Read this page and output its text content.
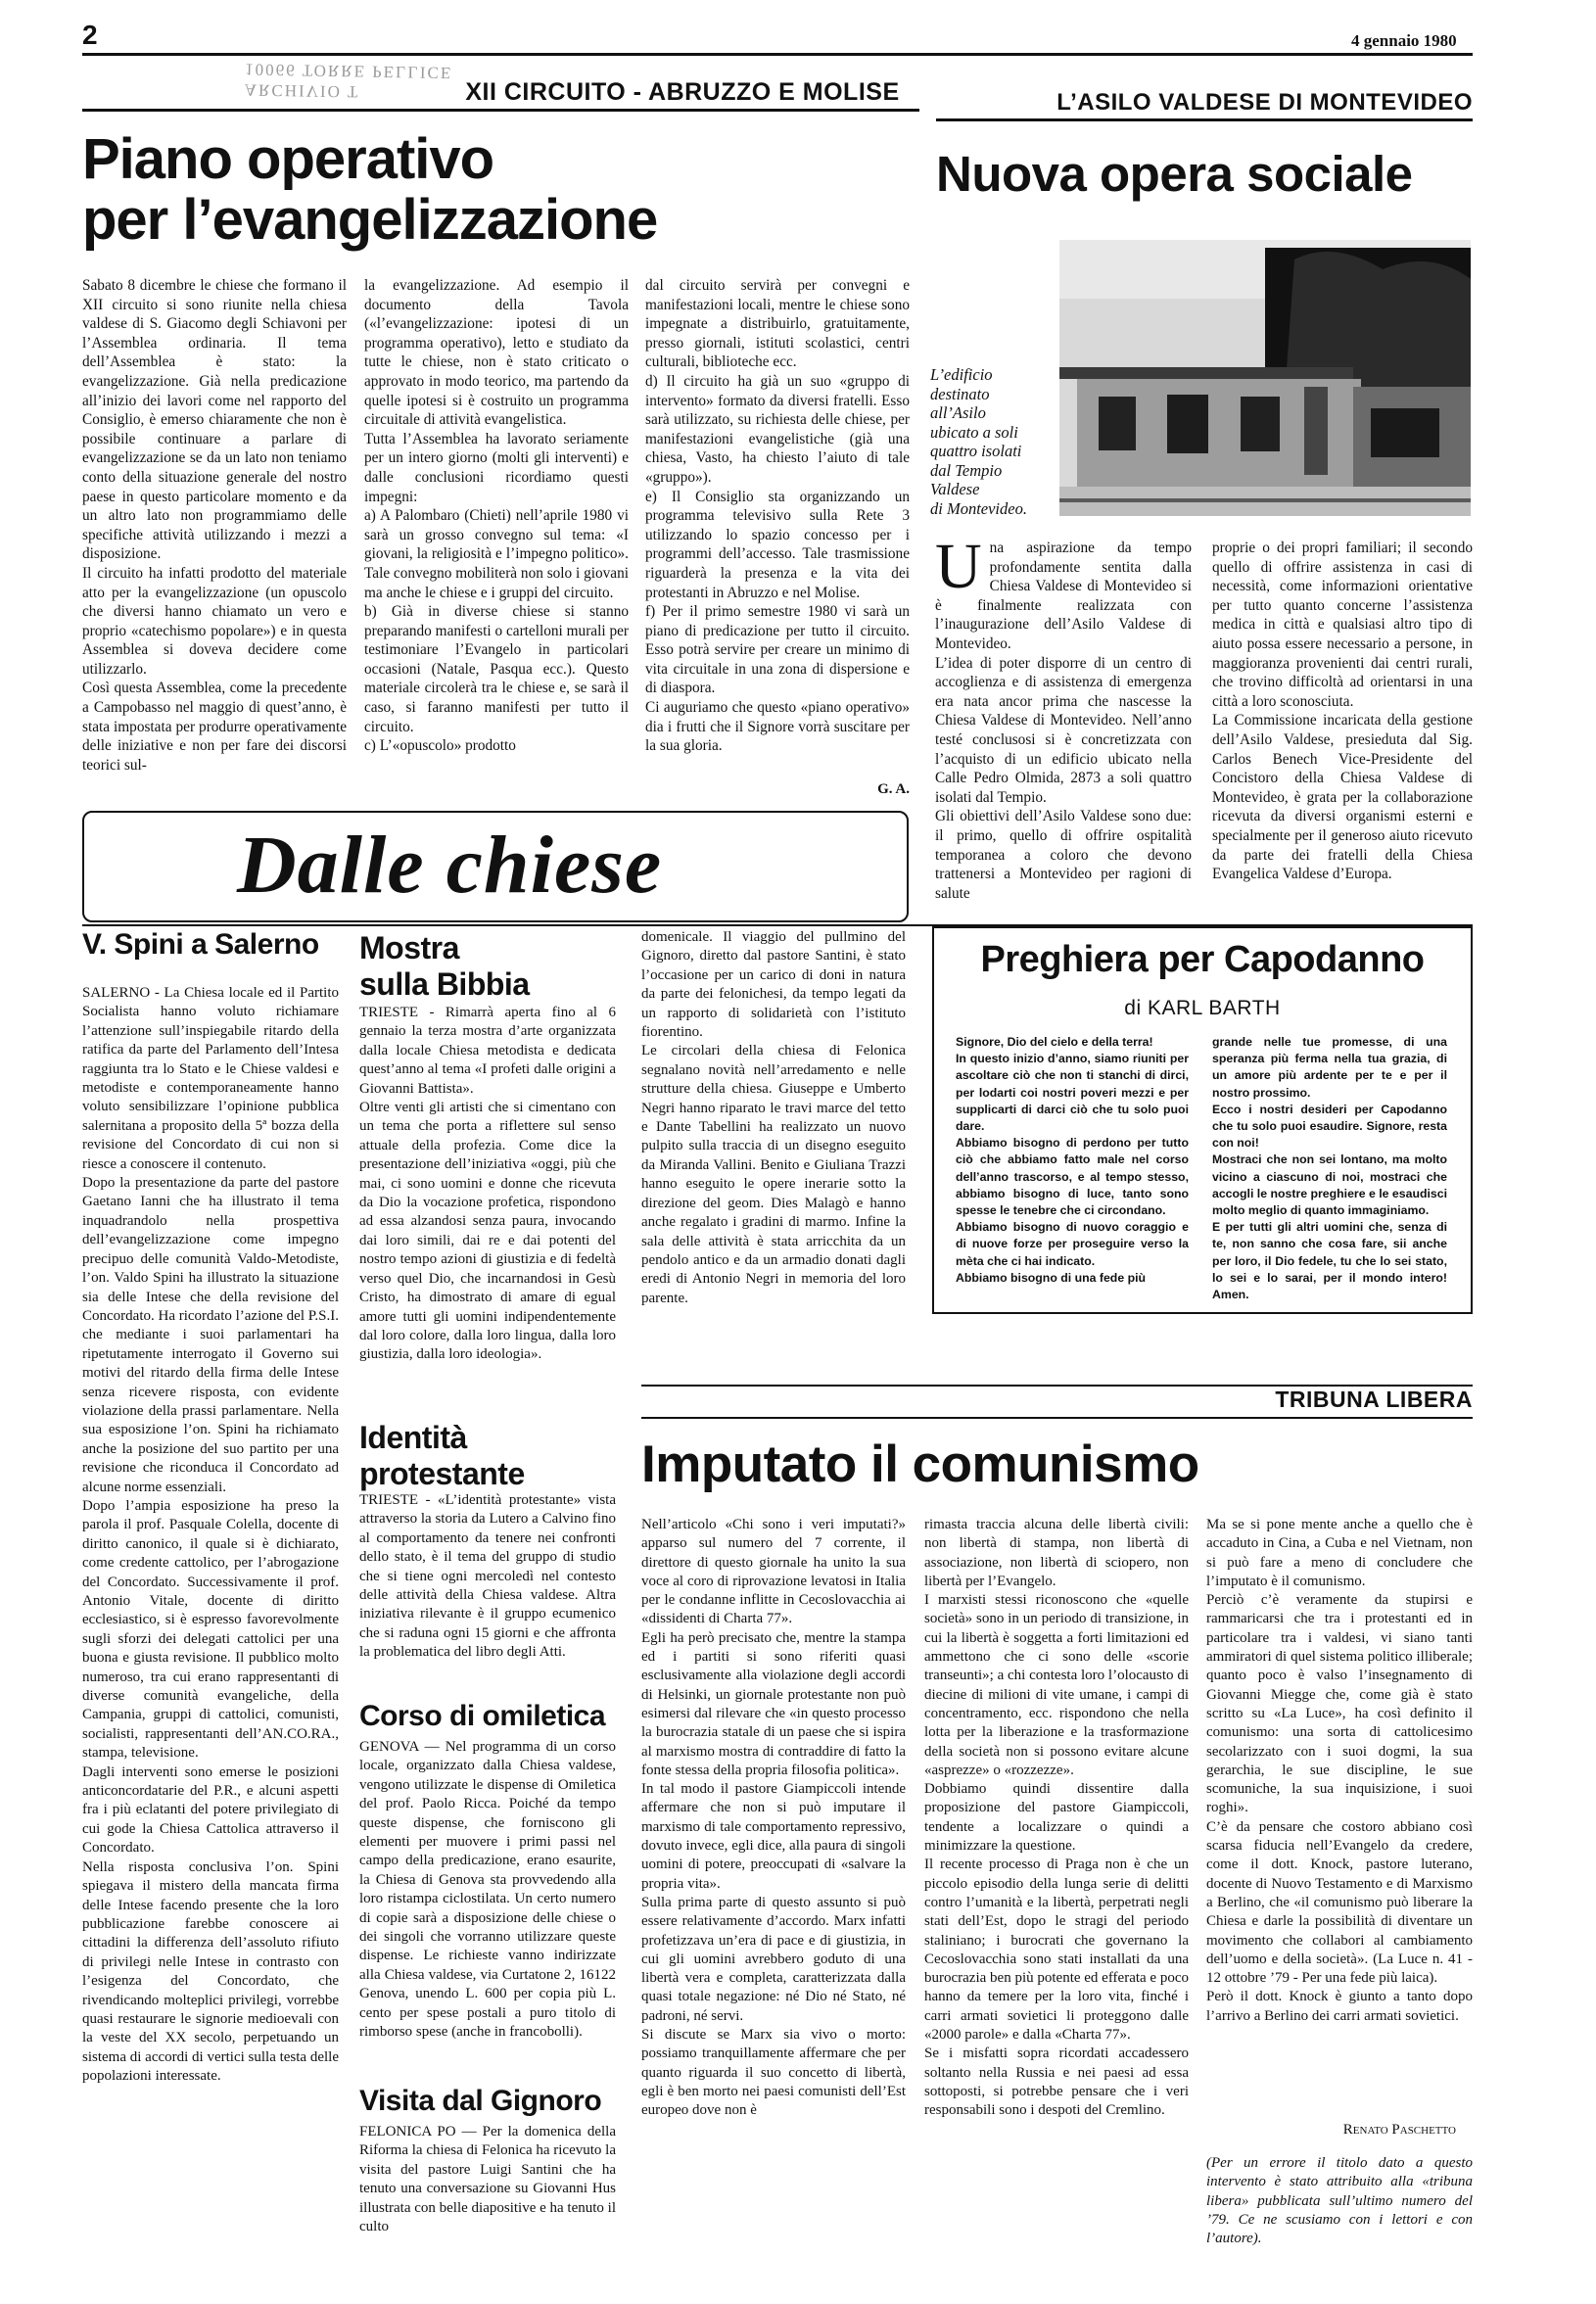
2	4 gennaio 1980
ARCHIVIO T
10066 TORRE PELLICE
XII CIRCUITO - ABRUZZO E MOLISE
Piano operativo
per l’evangelizzazione

Sabato 8 dicembre le chiese che formano il XII circuito si sono riunite nella chiesa valdese di S. Giacomo degli Schiavoni per l’Assemblea ordinaria. Il tema dell’Assemblea è stato: la evangelizzazione. Già nella predicazione all’inizio dei lavori come nel rapporto del Consiglio, è emerso chiaramente che non è possibile continuare a parlare di evangelizzazione se da un lato non teniamo conto della situazione generale del nostro paese in questo particolare momento e da un altro lato non programmiamo delle specifiche attività utilizzando i mezzi a disposizione.
Il circuito ha infatti prodotto del materiale atto per la evangelizzazione (un opuscolo che diversi hanno chiamato un vero e proprio «catechismo popolare») e in questa Assemblea si doveva decidere come utilizzarlo.
Così questa Assemblea, come la precedente a Campobasso nel maggio di quest’anno, è stata impostata per produrre operativamente delle iniziative e non per fare dei discorsi teorici sul-

la evangelizzazione. Ad esempio il documento della Tavola («l’evangelizzazione: ipotesi di un programma operativo), letto e studiato da tutte le chiese, non è stato criticato o approvato in modo teorico, ma partendo da quelle ipotesi si è costruito un programma circuitale di attività evangelistica.
Tutta l’Assemblea ha lavorato seriamente per un intero giorno (molti gli interventi) e dalle conclusioni ricordiamo questi impegni:
a) A Palombaro (Chieti) nell’aprile 1980 vi sarà un grosso convegno sul tema: «I giovani, la religiosità e l’impegno politico». Tale convegno mobiliterà non solo i giovani ma anche le chiese e i gruppi del circuito.
b) Già in diverse chiese si stanno preparando manifesti o cartelloni murali per testimoniare l’Evangelo in particolari occasioni (Natale, Pasqua ecc.). Questo materiale circolerà tra le chiese e, se sarà il caso, si faranno manifesti per tutto il circuito.
c) L’«opuscolo» prodotto

dal circuito servirà per convegni e manifestazioni locali, mentre le chiese sono impegnate a distribuirlo, gratuitamente, presso giornali, istituti scolastici, centri culturali, biblioteche ecc.
d) Il circuito ha già un suo «gruppo di intervento» formato da diversi fratelli. Esso sarà utilizzato, su richiesta delle chiese, per manifestazioni evangelistiche (già una chiesa, Vasto, ha chiesto l’aiuto di tale «gruppo»).
e) Il Consiglio sta organizzando un programma televisivo sulla Rete 3 utilizzando lo spazio concesso per i programmi dell’accesso. Tale trasmissione riguarderà la presenza e la vita dei protestanti in Abruzzo e nel Molise.
f) Per il primo semestre 1980 vi sarà un piano di predicazione per tutto il circuito. Esso potrà servire per creare un minimo di vita circuitale in una zona di dispersione e di diaspora.
Ci auguriamo che questo «piano operativo» dia i frutti che il Signore vorrà suscitare per la sua gloria.

G. A.
L’ASILO VALDESE DI MONTEVIDEO
Nuova opera sociale
L’edificio
destinato
all’Asilo
ubicato a soli
quattro isolati
dal Tempio
Valdese
di Montevideo.
U na aspirazione da tempo profondamente sentita dalla Chiesa Valdese di Montevideo si è finalmente realizzata con l’inaugurazione dell’Asilo Valdese di Montevideo.
L’idea di poter disporre di un centro di accoglienza e di assistenza di emergenza era nata ancor prima che nascesse la Chiesa Valdese di Montevideo. Nell’anno testé conclusosi si è concretizzata con l’acquisto di un edificio ubicato nella Calle Pedro Olmida, 2873 a soli quattro isolati dal Tempio.
Gli obiettivi dell’Asilo Valdese sono due: il primo, quello di offrire ospitalità temporanea a coloro che devono trattenersi a Montevideo per ragioni di salute

proprie o dei propri familiari; il secondo quello di offrire assistenza in casi di necessità, come informazioni orientative per tutto quanto concerne l’assistenza medica in città e qualsiasi altro tipo di aiuto possa essere necessario a persone, in maggioranza provenienti dai centri rurali, che trovino difficoltà ad orientarsi in una città a loro sconosciuta.
La Commissione incaricata della gestione dell’Asilo Valdese, presieduta dal Sig. Carlos Benech Vice-Presidente del Concistoro della Chiesa Valdese di Montevideo, è grata per la collaborazione ricevuta da diversi organismi esterni e specialmente per il generoso aiuto ricevuto da parte dei fratelli della Chiesa Evangelica Valdese d’Europa.

Dalle chiese
V. Spini a Salerno

SALERNO - La Chiesa locale ed il Partito Socialista hanno voluto richiamare l’attenzione sull’inspiegabile ritardo della ratifica da parte del Parlamento dell’Intesa raggiunta tra lo Stato e le Chiese valdesi e metodiste e contemporaneamente hanno voluto sensibilizzare l’opinione pubblica salernitana a proposito della 5ª bozza della revisione del Concordato di cui non si riesce a conoscere il contenuto.
Dopo la presentazione da parte del pastore Gaetano Ianni che ha illustrato il tema inquadrandolo nella prospettiva dell’evangelizzazione come impegno precipuo delle comunità Valdo-Metodiste, l’on. Valdo Spini ha illustrato la situazione sia delle Intese che della revisione del Concordato. Ha ricordato l’azione del P.S.I. che mediante i suoi parlamentari ha ripetutamente interrogato il Governo sui motivi del ritardo della firma delle Intese senza ricevere risposta, con evidente violazione della prassi parlamentare. Nella sua esposizione l’on. Spini ha richiamato anche la posizione del suo partito per una revisione che riconduca il Concordato ad alcune norme essenziali.
Dopo l’ampia esposizione ha preso la parola il prof. Pasquale Colella, docente di diritto canonico, il quale si è dichiarato, come credente cattolico, per l’abrogazione del Concordato. Successivamente il prof. Antonio Vitale, docente di diritto ecclesiastico, si è espresso favorevolmente sugli sforzi dei delegati cattolici per una buona e giusta revisione. Il pubblico molto numeroso, tra cui erano rappresentanti di diverse comunità evangeliche, della Campania, gruppi di cattolici, comunisti, socialisti, rappresentanti dell’AN.CO.RA., stampa, televisione.
Dagli interventi sono emerse le posizioni anticoncordatarie del P.R., e alcuni aspetti fra i più eclatanti del potere privilegiato di cui gode la Chiesa Cattolica attraverso il Concordato.
Nella risposta conclusiva l’on. Spini spiegava il mistero della mancata firma delle Intese facendo presente che la loro pubblicazione farebbe conoscere ai cittadini la differenza dell’assoluto rifiuto di privilegi nelle Intese in contrasto con l’esigenza del Concordato, che rivendicando molteplici privilegi, vorrebbe quasi restaurare le signorie medioevali con la veste del XX secolo, perpetuando un sistema di accordi di vertici sulla testa delle popolazioni interessate.

Mostra
sulla Bibbia

TRIESTE - Rimarrà aperta fino al 6 gennaio la terza mostra d’arte organizzata dalla locale Chiesa metodista e dedicata quest’anno al tema «I profeti dalle origini a Giovanni Battista».
Oltre venti gli artisti che si cimentano con un tema che porta a riflettere sul senso attuale della profezia. Come dice la presentazione dell’iniziativa «oggi, più che mai, ci sono uomini e donne che ricevuta da Dio la vocazione profetica, rispondono ad essa alzandosi senza paura, invocando dai loro simili, dai re e dai potenti del nostro tempo azioni di giustizia e di fedeltà verso quel Dio, che incarnandosi in Gesù Cristo, ha dimostrato di amare di egual amore tutti gli uomini indipendentemente dal loro colore, dalla loro lingua, dalla loro giustizia, dalla loro ideologia».

Identità
protestante

TRIESTE - «L’identità protestante» vista attraverso la storia da Lutero a Calvino fino al comportamento da tenere nei confronti dello stato, è il tema del gruppo di studio che si tiene ogni mercoledì nel contesto delle attività della Chiesa valdese. Altra iniziativa rilevante è il gruppo ecumenico che si raduna ogni 15 giorni e che affronta la problematica del libro degli Atti.

Corso di omiletica

GENOVA — Nel programma di un corso locale, organizzato dalla Chiesa valdese, vengono utilizzate le dispense di Omiletica del prof. Paolo Ricca. Poiché da tempo queste dispense, che forniscono gli elementi per muovere i primi passi nel campo della predicazione, erano esaurite, la Chiesa di Genova sta provvedendo alla loro ristampa ciclostilata. Un certo numero di copie sarà a disposizione delle chiese o dei singoli che vorranno utilizzare queste dispense. Le richieste vanno indirizzate alla Chiesa valdese, via Curtatone 2, 16122 Genova, unendo L. 600 per copia più L. cento per spese postali a puro titolo di rimborso spese (anche in francobolli).

Visita dal Gignoro

FELONICA PO — Per la domenica della Riforma la chiesa di Felonica ha ricevuto la visita del pastore Luigi Santini che ha tenuto una conversazione su Giovanni Hus illustrata con belle diapositive e ha tenuto il culto

domenicale. Il viaggio del pullmino del Gignoro, diretto dal pastore Santini, è stato l’occasione per un carico di doni in natura da parte dei felonichesi, da tempo legati da un rapporto di solidarietà con l’istituto fiorentino.
Le circolari della chiesa di Felonica segnalano novità nell’arredamento e nelle strutture della chiesa. Giuseppe e Umberto Negri hanno riparato le travi marce del tetto e Dante Tabellini ha realizzato un nuovo pulpito sulla traccia di un disegno eseguito da Miranda Vallini. Benito e Giuliana Trazzi hanno eseguito le opere inerarie sotto la direzione del geom. Dies Malagò e hanno anche regalato i gradini di marmo. Infine la sala delle attività è stata arricchita da un pendolo antico e da un armadio donati dagli eredi di Antonio Negri in memoria del loro parente.

Preghiera per Capodanno
di KARL BARTH

Signore, Dio del cielo e della terra!
In questo inizio d’anno, siamo riuniti per ascoltare ciò che non ti stanchi di dirci, per lodarti coi nostri poveri mezzi e per supplicarti di darci ciò che tu solo puoi dare.
Abbiamo bisogno di perdono per tutto ciò che abbiamo fatto male nel corso dell’anno trascorso, e al tempo stesso, abbiamo bisogno di luce, tanto sono spesse le tenebre che ci circondano.
Abbiamo bisogno di nuovo coraggio e di nuove forze per proseguire verso la mèta che ci hai indicato.
Abbiamo bisogno di una fede più

grande nelle tue promesse, di una speranza più ferma nella tua grazia, di un amore più ardente per te e per il nostro prossimo.
Ecco i nostri desideri per Capodanno che tu solo puoi esaudire. Signore, resta con noi!
Mostraci che non sei lontano, ma molto vicino a ciascuno di noi, mostraci che accogli le nostre preghiere e le esaudisci molto meglio di quanto immaginiamo.
E per tutti gli altri uomini che, senza di te, non sanno che cosa fare, sii anche per loro, il Dio fedele, tu che lo sei stato, lo sei e lo sarai, per il mondo intero! Amen.

TRIBUNA LIBERA
Imputato il comunismo

Nell’articolo «Chi sono i veri imputati?» apparso sul numero del 7 corrente, il direttore di questo giornale ha unito la sua voce al coro di riprovazione levatosi in Italia per le condanne inflitte in Cecoslovacchia ai «dissidenti di Charta 77».
Egli ha però precisato che, mentre la stampa ed i partiti si sono riferiti quasi esclusivamente alla violazione degli accordi di Helsinki, un giornale protestante non può esimersi dal rilevare che «in questo processo la burocrazia statale di un paese che si ispira al marxismo mostra di contraddire di fatto la fonte stessa della propria filosofia politica».
In tal modo il pastore Giampiccoli intende affermare che non si può imputare il marxismo di tale comportamento repressivo, dovuto invece, egli dice, alla paura di singoli uomini di potere, preoccupati di «salvare la propria vita».
Sulla prima parte di questo assunto si può essere relativamente d’accordo. Marx infatti profetizzava un’era di pace e di giustizia, in cui gli uomini avrebbero goduto di una libertà vera e completa, caratterizzata dalla quasi totale negazione: né Dio né Stato, né padroni, né servi.
Si discute se Marx sia vivo o morto: possiamo tranquillamente affermare che per quanto riguarda il suo concetto di libertà, egli è ben morto nei paesi comunisti dell’Est europeo dove non è

rimasta traccia alcuna delle libertà civili: non libertà di stampa, non libertà di associazione, non libertà di sciopero, non libertà per l’Evangelo.
I marxisti stessi riconoscono che «quelle società» sono in un periodo di transizione, in cui la libertà è soggetta a forti limitazioni ed ammettono che ci sono delle «scorie transeunti»; a chi contesta loro l’olocausto di diecine di milioni di vite umane, i campi di concentramento, ecc. rispondono che nella lotta per la liberazione e la trasformazione della società non si possono evitare alcune «asprezze» o «rozzezze».
Dobbiamo quindi dissentire dalla proposizione del pastore Giampiccoli, tendente a localizzare o quindi a minimizzare la questione.
Il recente processo di Praga non è che un piccolo episodio della lunga serie di delitti contro l’umanità e la libertà, perpetrati negli stati dell’Est, dopo le stragi del periodo staliniano; i burocrati che governano la Cecoslovacchia sono stati installati da una burocrazia ben più potente ed efferata e poco hanno da temere per la loro vita, finché i carri armati sovietici li proteggono dalle «2000 parole» e dalla «Charta 77».
Se i misfatti sopra ricordati accadessero soltanto nella Russia e nei paesi ad essa sottoposti, si potrebbe pensare che i veri responsabili sono i despoti del Cremlino.

Ma se si pone mente anche a quello che è accaduto in Cina, a Cuba e nel Vietnam, non si può fare a meno di concludere che l’imputato è il comunismo.
Perciò c’è veramente da stupirsi e rammaricarsi che tra i protestanti ed in particolare tra i valdesi, vi siano tanti ammiratori di quel sistema politico illiberale; quanto poco è valso l’insegnamento di Giovanni Miegge che, come già è stato scritto su «La Luce», ha così definito il comunismo: una sorta di cattolicesimo secolarizzato con i suoi dogmi, la sua gerarchia, le sue discipline, le sue scomuniche, la sua inquisizione, i suoi roghi».
C’è da pensare che costoro abbiano così scarsa fiducia nell’Evangelo da credere, come il dott. Knock, pastore luterano, docente di Nuovo Testamento e di Marxismo a Berlino, che «il comunismo può liberare la Chiesa e darle la possibilità di diventare un movimento che collabori al cambiamento dell’uomo e della società». (La Luce n. 41 - 12 ottobre ’79 - Per una fede più laica).
Però il dott. Knock è giunto a tanto dopo l’arrivo a Berlino dei carri armati sovietici.

Renato Paschetto

(Per un errore il titolo dato a questo intervento è stato attribuito alla «tribuna libera» pubblicata sull’ultimo numero del ’79. Ce ne scusiamo con i lettori e con l’autore).
